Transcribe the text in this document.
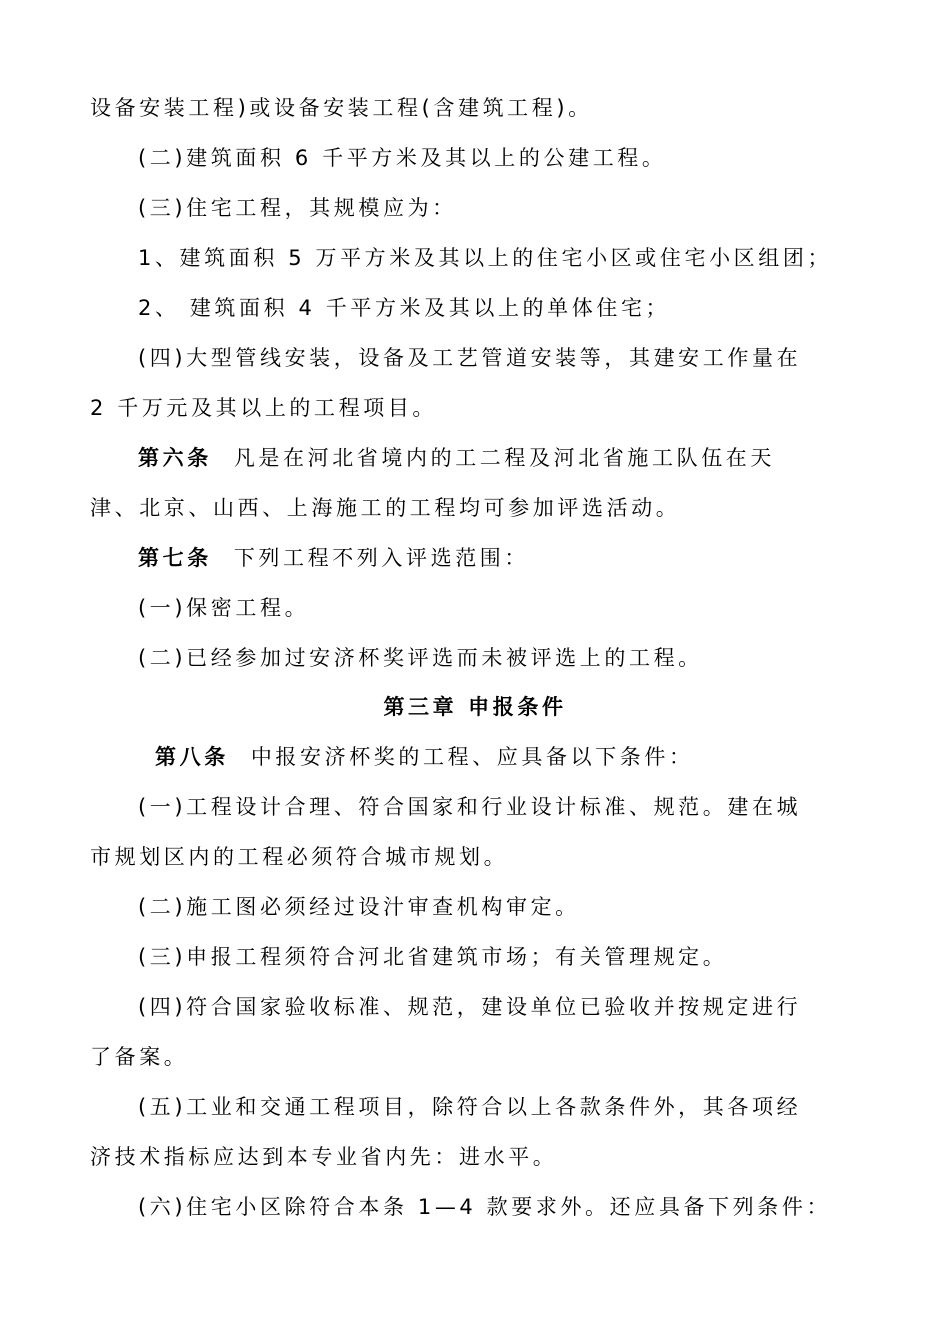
设备安装工程)或设备安装工程(含建筑工程)。
(二)建筑面积 6 千平方米及其以上的公建工程。
(三)住宅工程，其规模应为：
1、建筑面积 5 万平方米及其以上的住宅小区或住宅小区组团；
2、 建筑面积 4 千平方米及其以上的单体住宅；
(四)大型管线安装，设备及工艺管道安装等，其建安工作量在
2 千万元及其以上的工程项目。
第六条 凡是在河北省境内的工二程及河北省施工队伍在天
津、北京、山西、上海施工的工程均可参加评选活动。
第七条 下列工程不列入评选范围：
(一)保密工程。
(二)已经参加过安济杯奖评选而未被评选上的工程。
第三章 申报条件
第八条 中报安济杯奖的工程、应具备以下条件：
(一)工程设计合理、符合国家和行业设计标准、规范。建在城
市规划区内的工程必须符合城市规划。
(二)施工图必须经过设汁审查机构审定。
(三)申报工程须符合河北省建筑市场；有关管理规定。
(四)符合国家验收标准、规范，建设单位已验收并按规定进行
了备案。
(五)工业和交通工程项目，除符合以上各款条件外，其各项经
济技术指标应达到本专业省内先：进水平。
(六)住宅小区除符合本条 1—4 款要求外。还应具备下列条件：
